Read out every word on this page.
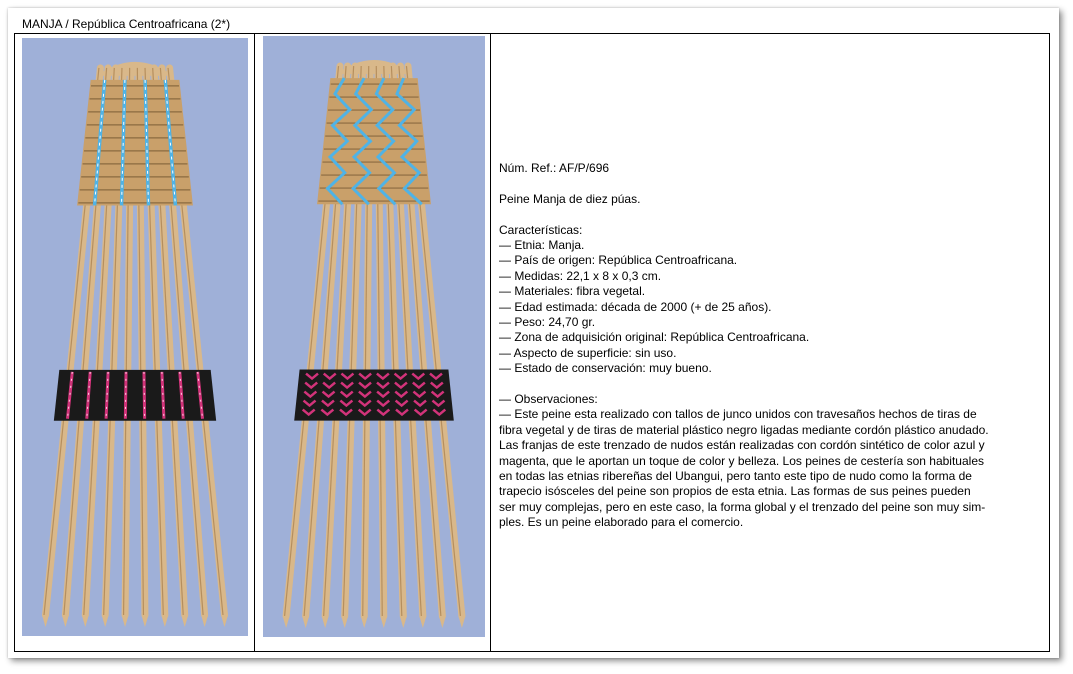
MANJA / República Centroafricana (2*)

Núm. Ref.: AF/P/696

Peine Manja de diez púas.

Características:

— Etnia: Manja.

— País de origen: República Centroafricana.

— Medidas: 22,1 x 8 x 0,3 cm.

— Materiales: fibra vegetal.

— Edad estimada: década de 2000 (+ de 25 años).

— Peso: 24,70 gr.

— Zona de adquisición original: República Centroafricana.

— Aspecto de superficie: sin uso.

— Estado de conservación: muy bueno.

— Observaciones:

— Este peine esta realizado con tallos de junco unidos con travesaños hechos de tiras de

fibra vegetal y de tiras de material plástico negro ligadas mediante cordón plástico anudado.

Las franjas de este trenzado de nudos están realizadas con cordón sintético de color azul y

magenta, que le aportan un toque de color y belleza. Los peines de cestería son habituales

en todas las etnias ribereñas del Ubangui, pero tanto este tipo de nudo como la forma de

trapecio isósceles del peine son propios de esta etnia. Las formas de sus peines pueden

ser muy complejas, pero en este caso, la forma global y el trenzado del peine son muy sim-

ples. Es un peine elaborado para el comercio.
